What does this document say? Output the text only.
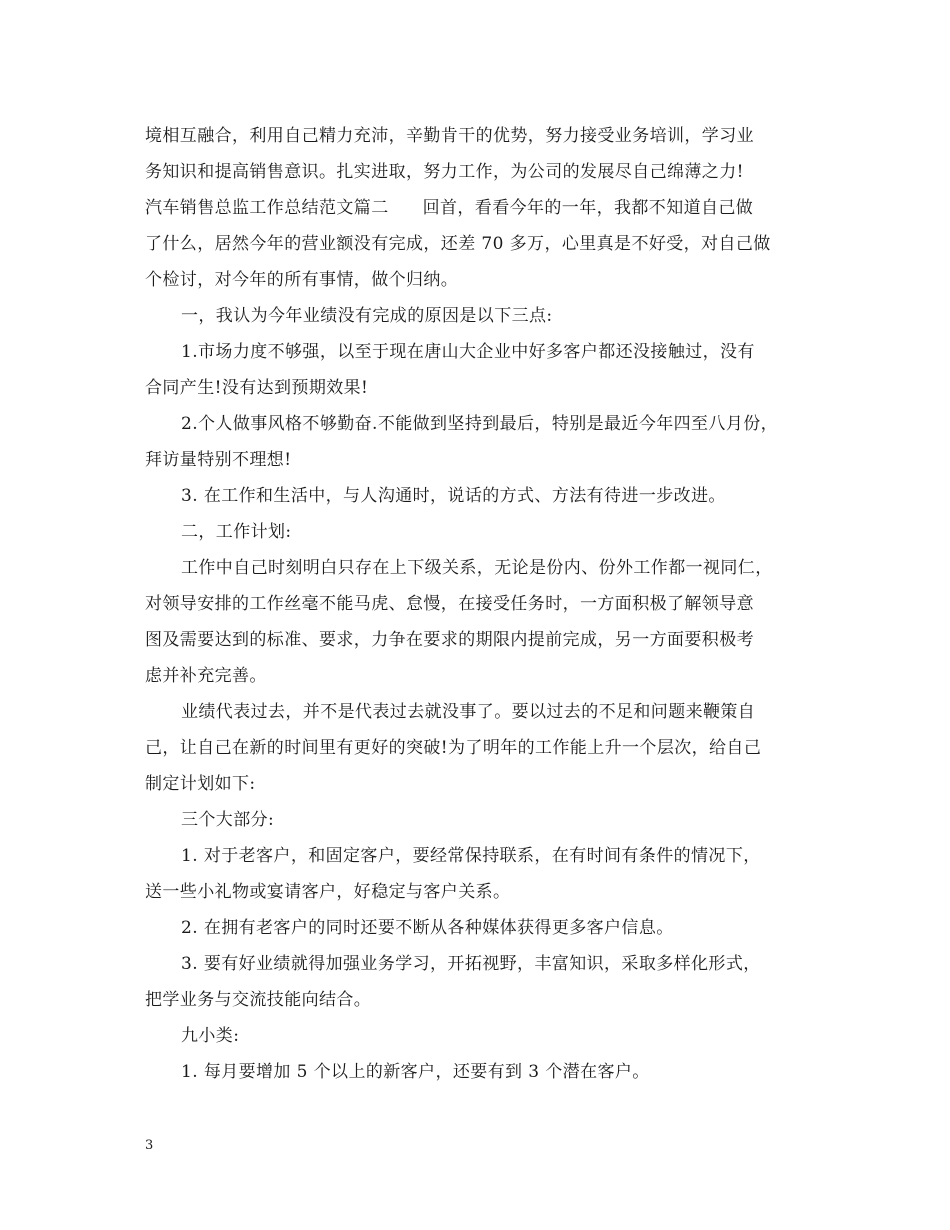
境相互融合，利用自己精力充沛，辛勤肯干的优势，努力接受业务培训，学习业
务知识和提高销售意识。扎实进取，努力工作，为公司的发展尽自己绵薄之力!
汽车销售总监工作总结范文篇二 回首，看看今年的一年，我都不知道自己做
了什么，居然今年的营业额没有完成，还差 70 多万，心里真是不好受，对自己做
个检讨，对今年的所有事情，做个归纳。
一，我认为今年业绩没有完成的原因是以下三点:
1.市场力度不够强，以至于现在唐山大企业中好多客户都还没接触过，没有
合同产生!没有达到预期效果!
2.个人做事风格不够勤奋.不能做到坚持到最后，特别是最近今年四至八月份，
拜访量特别不理想!
3. 在工作和生活中，与人沟通时，说话的方式、方法有待进一步改进。
二，工作计划:
工作中自己时刻明白只存在上下级关系，无论是份内、份外工作都一视同仁，
对领导安排的工作丝毫不能马虎、怠慢，在接受任务时，一方面积极了解领导意
图及需要达到的标准、要求，力争在要求的期限内提前完成，另一方面要积极考
虑并补充完善。
业绩代表过去，并不是代表过去就没事了。要以过去的不足和问题来鞭策自
己，让自己在新的时间里有更好的突破!为了明年的工作能上升一个层次，给自己
制定计划如下:
三个大部分:
1. 对于老客户，和固定客户，要经常保持联系，在有时间有条件的情况下，
送一些小礼物或宴请客户，好稳定与客户关系。
2. 在拥有老客户的同时还要不断从各种媒体获得更多客户信息。
3. 要有好业绩就得加强业务学习，开拓视野，丰富知识，采取多样化形式，
把学业务与交流技能向结合。
九小类:
1. 每月要增加 5 个以上的新客户，还要有到 3 个潜在客户。
3
